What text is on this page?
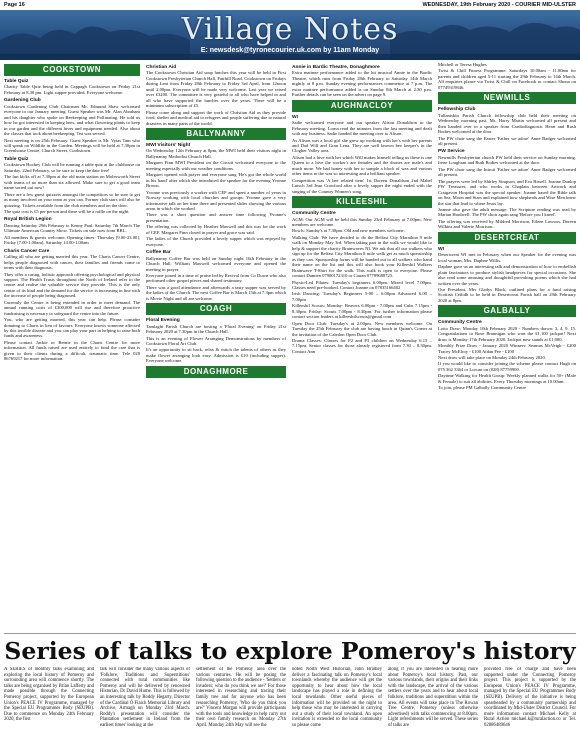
Page 16	WEDNESDAY, 19th February 2020 - COURIER MID-ULSTER
Village Notes
E: newsdesk@tyronecourier.uk.com by 11am Monday
COOKSTOWN
Table Quiz
Charity Table Quiz being held in Cappagh Cookstown on Friday 21st February at 8.30 pm. Light supper provided. Everyone welcome.
Gardening Club
Cookstown Gardening Club Chairman Mr. Edmund Shaw welcomed everyone to our January meeting. Guest Speaker was Mr. Alan Abraham and his daughter who spoke on Beekeeping and Pollinating. He told us how he got interested in keeping bees, and what flowering plants to keep in our garden and the different hives and equipment needed. Also about the classes that took about beekeeping. Tea was served.
Next meeting is on 25th February. Guest Speaker is Mr. Vytas Tam who will speak on Wildlife in the Garden. Meetings will be held at 7.30pm in Greenhouse Centre, Church Street, Cookstown.
Table Quiz
Cookstown Hockey Club will be running a table quiz at the clubhouse on Saturday, 22nd February, so be sure to keep the date free!
The fun kicks off at 7.30pm at the old main station on Molesworth Street with teams of no more than six allowed. Make sure to get a good team name sorted out now!
There are a few guest quizzers amongst the competitors so be sure to get as many involved on your team as you can. Former club stars will also be quizzing. Tickets available from the club members and on the door.
The quiz cost is £5 per person and there will be a raffle on the night.
Royal British Legion
Dancing Saturday 29th February to Kenny Paul. Saturday 7th March The Ultimate American Country Show. Tickets on sale now from RBL.
All members & guests welcome. Opening times: Thursday [9.00-23.00], Friday [7.00-1.00am], Saturday 14.00-1.00am
Charis Cancer Care
Calling all who are getting married this year. The Charis Cancer Centre, helps people diagnosed with cancer, their families and friends come to terms with their diagnosis.
They offer a caring, holistic approach offering psychological and physical support. The Health Trusts throughout the North of Ireland refer to the centre and realise the valuable service they provide. This is the only centre of its kind and the demand for the service is increasing in line with the increase of people being diagnosed.
Currently the Centre is being extended in order to meet demand. The annual running costs of £300,000 will rise and therefore proactive fundraising is necessary to safeguard the centre into the future.
You, who are getting married, this year can help. Please consider donating to Charis in lieu of favours. Everyone knows someone affected by this terrible disease and you can play your part in helping to raise both funds and awareness.
Please contact Jackie or Bernie in the Charis Centre for more information. All funds raised are used entirely to fund the care that is given to their clients during a difficult, traumatic time. Tele 028 86769217 for more information.
Christian Aid
The Cookstown Christian Aid soup lunches this year will be held in First Cookstown Presbyterian Church Hall, Fairhill Road, Cookstown on Fridays during Lent from Friday 28th February to Friday 3rd April, from 12noon until 2.00pm. Everyone will be made very welcome. Last year we raised over £3200. The committee is very grateful to all who have helped in and all who have supported the lunches over the years. There will be a minimum subscription of £5.
Please come along and support the work of Christian Aid as they provide food, shelter and medical aid to refugees and people suffering due to natural disasters in many parts of the world.
BALLYNANNY
MWI Visitors' Night
On Wednesday 12th February at 8pm, the MWI held their visitors night in Ballynanny Methodist Church Hall.
Margaret Finn MWI President on the Circuit welcomed everyone to the meeting especially with our weather conditions.
Margaret opened with prayer and everyone sang 'He's got the whole world in his hand' after which she introduced the speaker for the evening Yvonne Brown.
Yvonne was previously a worker with CEF and spent a number of years in Norway working with local churches and groups. Yvonne gave a very informative talk on her time there and presented slides showing the various areas in which she worked.
There was a short question and answer time following Yvonne's presentation.
The offering was collected by Heather Maxwell and this was for the work of CEF. Margaret Finn closed in prayer and grace was said.
The ladies of the Church provided a lovely supper which was enjoyed by everyone.
Coffee Bar
Ballynanny Coffee Bar was held on Sunday night 16th February in the Church Hall. William Maxwell welcomed everyone and opened the meeting in prayer.
Everyone joined in a time of praise led by Revival from Co Down who also performed other gospel pieces and shared testimony.
There was a good attendance and afterwards a tasty supper was served by the ladies of the Church. The next Coffee Bar is March 15th at 7.3pm which is Movie Night and all are welcome.
COAGH
Floral Evening
Tamlaght Parish Church are hosting a 'Floral Evening' on Friday 21st February 2020 at 7.30pm in the Church Hall.
This is an evening of Flower Arranging Demonstrations by members of Cookstown Floral Art Club.
It's an opportunity to sit back, relax & watch the talents of others as they make flower arranging look easy. Admission is £10 (including supper). Everyone welcome.
DONAGHMORE
Annie in Bardic Theatre, Donaghmore
Extra matinee performance added to the hit musical Annie in the Bardic Theatre, which runs from Friday 28th February to Saturday 14th March nightly at 8 p.m. Sunday evening performances commence at 7 p.m. The extra matinee performance added is on Sunday 8th March at 2.30 p.m. Further details can be seen on the advert on page 9.
AUGHNACLOY
WI
Sadie welcomed everyone and our speaker Alison Donaldson to the February meeting. Lorna read the minutes from the last meeting and dealt with any business. Sadie handed the meeting over to Alison.
As Alison was a local girl she grew up working with her's with her parents and Dad Will and Gran Lena. They are well known bee keeper's in the Clogher Valley area.
Alison had a hive with her which Will makes himself telling us these is one Queen to a hive the worker's are females and the drones are male's and much more. We had honey with her to sample a block of wax and various other items to the was so interesting and a brilliant speaker.
Competition was 'A bee related item' 1st Doreen Donaldson 2nd Mabel Lutsch 3rd Jean Crawford after a lovely supper the night ended with the singing of the Country Women's song.
KILLEESHIL
Community Centre
AGM: Our AGM will be held this Sunday 23rd February at 7.00pm. New members are welcome.
Bowls: Sunday's at 7.30pm. Old and new members welcome.
Walking Club: We have decided to do the Belfast City Marathon 9 mile walk on Monday May 3rd. When taking part in the walk we would like to help & support the charity Brainwaves NI. We ask that all our walkers who sign up for the Belfast City Marathon 8 mile walk get as much sponsorship as they can. Sponsorship forms will be handed out to all walkers who hand their name on the list and this will also book your Killeeshil Walkers Brainwave T-Shirt for the walk. This walk is open to everyone. Please contact Damien 07900172310 or Ciaran 07789688725.
Physio-Led Pilates: Tuesday's beginners 6.00pm. Mixed level 7.00pm. Classes need pre-booked. Contact Joanne on 07835166402
Irish Dancing: Tuesday's Beginners 5-00 – 6.00pm Advanced 6.00 – 7.00pm
Killeeshil Scouts: Monday: Beavers 6.00pm - 7.00pm and Cubs 7.15pm - 8.30pm. Friday: Scouts 7.00pm - 8.30pm. For further information please contact section leaders at killeeshilscouts@gmail.com
Open Door Club: Tuesday's at 2.00pm. New members welcome. On Tuesday the 25th February the club are having lunch in Quinn's Corner at the invitation of the Caledon Open Door Club.
Drama Classes: Classes for P2 and P3 children on Wednesday 6.15 – 7.15pm. Senior classes for those already registered from 7.30 – 8.30pm. Contact Ann
Mitchell or Teresa Hughes
Twist & Chill Fitness Programme: Saturdays 10.00am - 11.00am for parents and children aged 5-11 starting the 29th February to 14th March. All enquiries please via Twist & Chill on Facebook or contact Shona on 07749319846.
NEWMILLS
Fellowship Club
Tullaniskin Parish Church fellowship club held their meeting on Wednesday morning past. Ms. Harry Martin welcomed all present and then handed over to a speaker from Cardiodiagnostic Heart and Rush Bodies welcomed at the door.
The PW choir sang the Easter 'Father we adore' Anne Badger welcomed all present.
PW Service
Newmills Presbyterian church PW held their service on Sunday morning. Irene Loughran and Ruth Bodies welcomed at the door.
The PW choir sang the Introit 'Father we adore' Anne Badger welcomed all present.
The prayers were led by Shirley Simpson, and Eva Bissell. Joanne Dunlop PW Treasurer, and who works in Chaplain between Artwork and Craigavon Hospital was the special speaker. Joanne based the Bible talk on Sea, Moon and Stars and explained how shepherds and Wise Men knew the star that lead to where Jesus lay.
Joanne also gave the adult message. The Scripture reading was read by Marian Hardwell. The PW choir again sang 'Before you I kneel'.
The offering was received by Mildred Morrison, Eileen Lawson, Doreen Wilkins and Valerie Morrison.
DESERTCREAT
WI
Desertcreat WI met in February when our Speaker for the evening was local woman, Mrs. Daphne Willis.
Daphne gave us an interesting talk and demonstration of how to embellish plain fascinators to produce stylish headpieces for special occasions. She also read some amusing and thoughtful provoking poems which she had written over the years.
Our President, Mrs Gladys Black, outlined plans for a fund raising Scottish Ceilidh to be held in Desertcreat Parish hall on 29th February 2020 at 8pm.
GALBALLY
Community Centre
Lotto Draw: Monday 10th February 2020 - Numbers drawn: 3, 4, 9, 15. Congratulations to Rose Brannigan who won the £1,100 jackpot! Next draw is Monday 17th February 2020. Jackpot now stands at £1,000.
Monthly Prize Draw - January 2020 Winners: Seamus McVeigh - £200 Tracey McElroy - £100 Aidan Fee - £100
Next draw will take place on Monday 24th February 2020.
If you would like to consider joining the scheme please contact Hugh on 075 362 3364 or Lorcan on (028) 87759900.
Daytime Walking for Health Group: Weekly planned walks for 50+ (Male & Female) to suit all abilities. Every Thursday mornings at 10.00am.
To join, please PM Galbally Community Centre
Series of talks to explore Pomeroy's history
A SERIES of monthly talks examining and exploring the local history of Pomeroy and surrounding area will commence shortly. The talks are being organised by Brian Lafferty and made possible through the Connecting Pomeroy project, supported by the European Union's PEACE IV Programme, managed by the Special EU Programmes Body (SEUPB). Due to commence on Monday 24th February 2020, the first
talk will consider the many various aspects of 'Folklore, Traditions and Superstitions' connected with rural communities like Pomeroy and will be delivered by renowned Historian, Dr David Hume. This is followed by an interesting talk by Roddy Hegarty, Director of the Cardinal Ó Fiaich Memorial Library and Archive, Armagh on Monday 23rd March. Roddy's presentation will consider the Plantation settlement in Ireland from the earliest times' looking at the
settlement of the Pomeroy area over the various centuries. He will be posing the following question to the audience - 'Settlers or invaders; who do you think we are?' For those interested in researching and tracing their family tree and for anyone who has been researching Pomeroy, 'Who do you think you are?' Vincent Morgan will provide participants with the tools and knowledge to help carry out their own family research on Monday 27th April. Monday 24th May will see the
noted North West Historian, John Bradley deliver a fascinating talk on Pomeroy's local townlands whereby the audience will get the opportunity to hear about how the local landscape has played a role in defining the local townlands. Other useful pieces of information will be provided on the night to help those who may be interested in carrying out a study of their local townland. An open invitation is extended to the local community so please come
along if you are interested in hearing more about Pomeroy's local history. Past, our various townlands, their origins and their links with the landscape, the arrival of the various settlers over the years and to hear about local folklore, traditions and superstition within the area. All events will take place in The Rowan Tree Centre, Pomeroy (unless otherwise advertised) with talks commencing at 8.00pm. Light refreshments will be served. These series of talks are
provided free of charge and have been supported under the Connecting Pomeroy project. This project is supported by the European Union's PEACE IV Programme, managed by the Special EU Programmes Body (SEUPB). Delivery of the initiative is being spearheaded by a community partnership and coordinated by Mid-Ulster District Council. For more information contact Michael Kelly at Rural Action michael.k@ruralaction.co or Tel. 02886489646
